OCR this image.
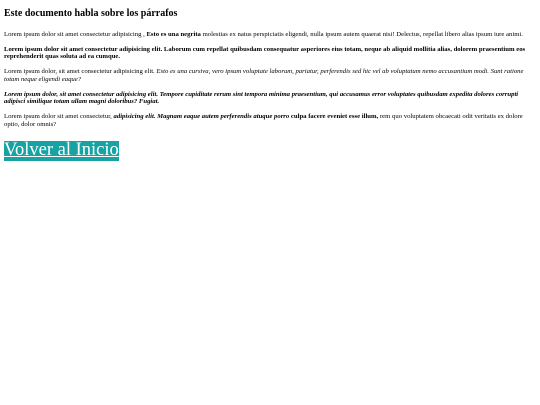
Este documento habla sobre los párrafos

Lorem ipsum dolor sit amet consectetur adipisicing , Esto es una negrita molestias ex natus perspiciatis eligendi, nulla ipsum autem quaerat nisi! Delectus, repellat libero alias ipsum iure animi.

Lorem ipsum dolor sit amet consectetur adipisicing elit. Laborum cum repellat quibusdam consequatur asperiores eius totam, neque ab aliquid mollitia alias, dolorem praesentium eos reprehenderit quas soluta ad ea cumque.

Lorem ipsum dolor, sit amet consectetur adipisicing elit. Esto es una cursiva, vero ipsum voluptate laborum, pariatur, perferendis sed hic vel ab voluptatum nemo accusantium modi. Sunt ratione totam neque eligendi eaque?

Lorem ipsum dolor, sit amet consectetur adipisicing elit. Tempore cupiditate rerum sint tempora minima praesentium, qui accusamus error voluptates quibusdam expedita dolores corrupti adipisci similique totam ullam magni doloribus? Fugiat.

Lorem ipsum dolor sit amet consectetur, adipisicing elit. Magnam eaque autem perferendis atuque porro culpa facere eveniet esse illum, rem quo voluptatem obcaecati odit veritatis ex dolore optio, dolor omnis?

Volver al Inicio
